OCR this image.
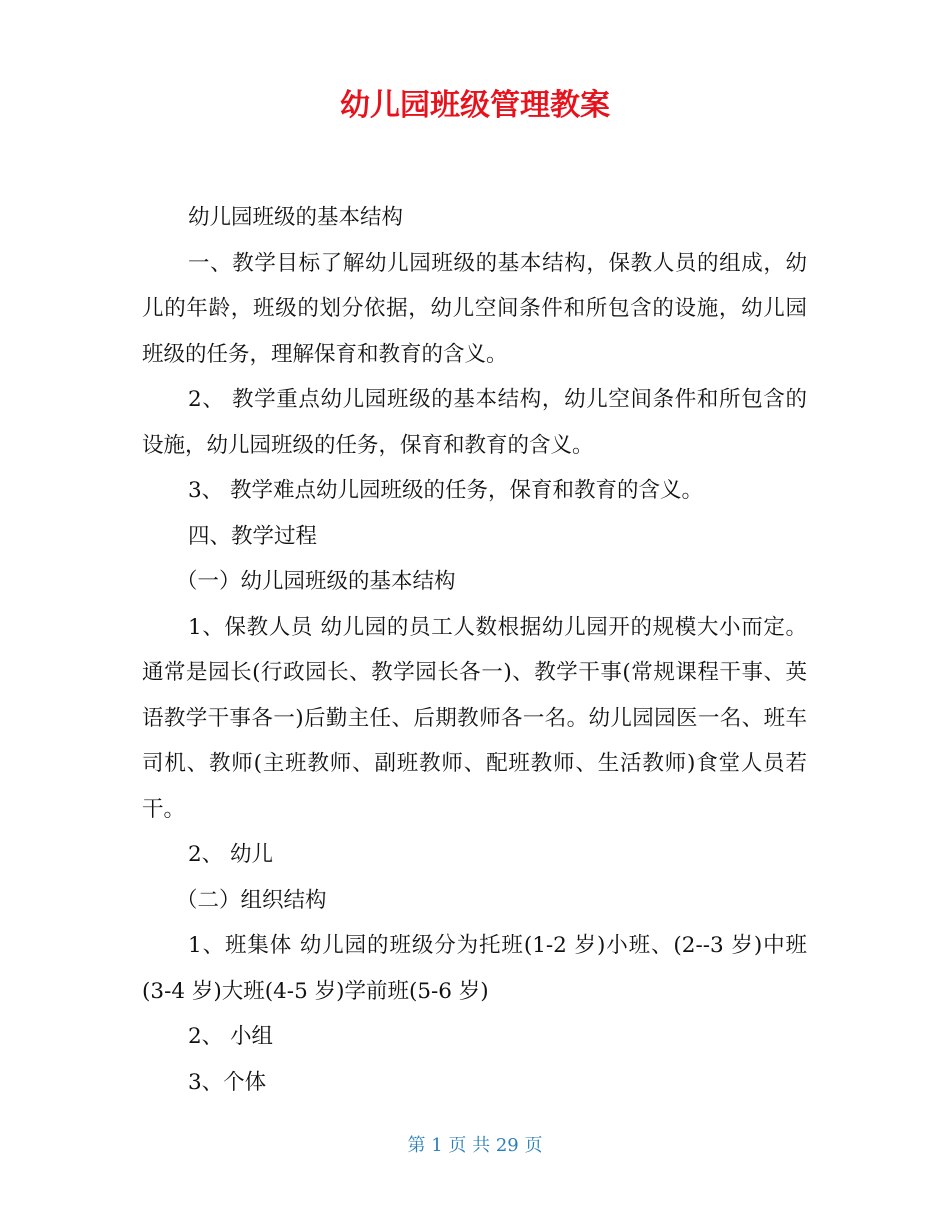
幼儿园班级管理教案

幼儿园班级的基本结构

一、教学目标了解幼儿园班级的基本结构，保教人员的组成，幼儿的年龄，班级的划分依据，幼儿空间条件和所包含的设施，幼儿园班级的任务，理解保育和教育的含义。

2、 教学重点幼儿园班级的基本结构，幼儿空间条件和所包含的设施，幼儿园班级的任务，保育和教育的含义。

3、 教学难点幼儿园班级的任务，保育和教育的含义。

四、教学过程

（一）幼儿园班级的基本结构

1、保教人员 幼儿园的员工人数根据幼儿园开的规模大小而定。通常是园长(行政园长、教学园长各一)、教学干事(常规课程干事、英语教学干事各一)后勤主任、后期教师各一名。幼儿园园医一名、班车司机、教师(主班教师、副班教师、配班教师、生活教师)食堂人员若干。

2、 幼儿

（二）组织结构

1、班集体 幼儿园的班级分为托班(1-2 岁)小班、(2--3 岁)中班(3-4 岁)大班(4-5 岁)学前班(5-6 岁)

2、 小组

3、个体

第 1 页 共 29 页
